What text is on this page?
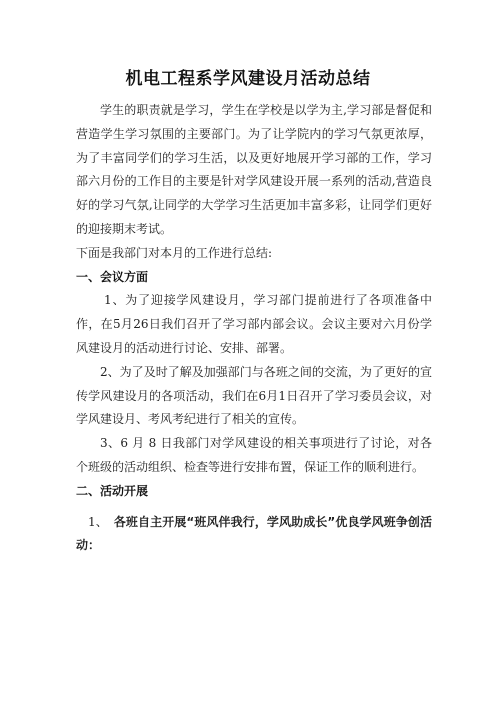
机电工程系学风建设月活动总结

学生的职责就是学习，学生在学校是以学为主,学习部是督促和营造学生学习氛围的主要部门。为了让学院内的学习气氛更浓厚，为了丰富同学们的学习生活，以及更好地展开学习部的工作，学习部六月份的工作目的主要是针对学风建设开展一系列的活动,营造良好的学习气氛,让同学的大学学习生活更加丰富多彩，让同学们更好的迎接期末考试。

下面是我部门对本月的工作进行总结:

一、会议方面

1、为了迎接学风建设月，学习部门提前进行了各项准备中作，在5月26日我们召开了学习部内部会议。会议主要对六月份学风建设月的活动进行讨论、安排、部署。

2、为了及时了解及加强部门与各班之间的交流，为了更好的宣传学风建设月的各项活动，我们在6月1日召开了学习委员会议，对学风建设月、考风考纪进行了相关的宣传。

3、6 月 8 日我部门对学风建设的相关事项进行了讨论，对各个班级的活动组织、检查等进行安排布置，保证工作的顺利进行。

二、活动开展

1、 各班自主开展“班风伴我行，学风助成长”优良学风班争创活动：
